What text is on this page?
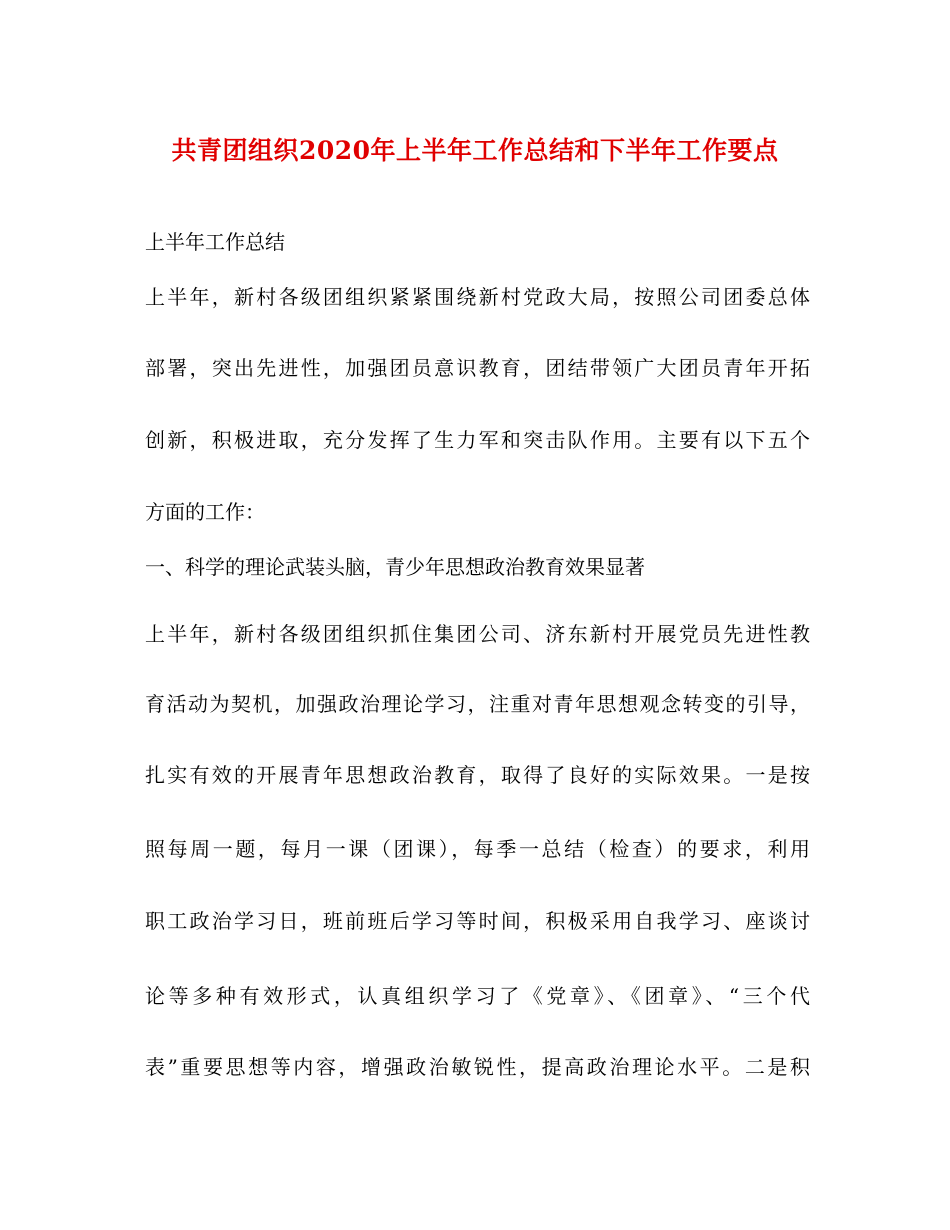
共青团组织2020年上半年工作总结和下半年工作要点
上半年工作总结
上半年，新村各级团组织紧紧围绕新村党政大局，按照公司团委总体
部署，突出先进性，加强团员意识教育，团结带领广大团员青年开拓
创新，积极进取，充分发挥了生力军和突击队作用。主要有以下五个
方面的工作：
一、科学的理论武装头脑，青少年思想政治教育效果显著
上半年，新村各级团组织抓住集团公司、济东新村开展党员先进性教
育活动为契机，加强政治理论学习，注重对青年思想观念转变的引导，
扎实有效的开展青年思想政治教育，取得了良好的实际效果。一是按
照每周一题，每月一课（团课），每季一总结（检查）的要求，利用
职工政治学习日，班前班后学习等时间，积极采用自我学习、座谈讨
论等多种有效形式，认真组织学习了《党章》、《团章》、“三个代
表”重要思想等内容，增强政治敏锐性，提高政治理论水平。二是积
